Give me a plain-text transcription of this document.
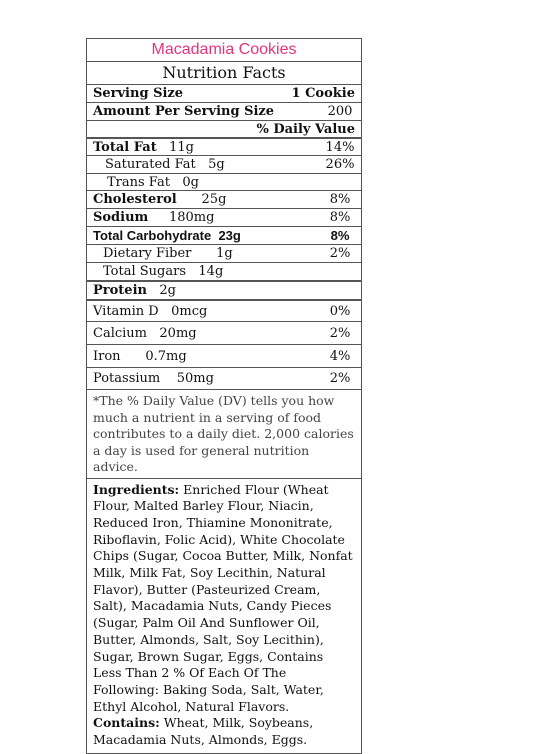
Macadamia Cookies
Nutrition Facts
Serving Size	1 Cookie
Amount Per Serving Size	200
% Daily Value
Total Fat 11g	14%
Saturated Fat 5g	26%
Trans Fat 0g
Cholesterol 25g	8%
Sodium 180mg	8%
Total Carbohydrate 23g	8%
Dietary Fiber 1g	2%
Total Sugars 14g
Protein 2g
Vitamin D 0mcg	0%
Calcium 20mg	2%
Iron 0.7mg	4%
Potassium 50mg	2%
*The % Daily Value (DV) tells you how much a nutrient in a serving of food contributes to a daily diet. 2,000 calories a day is used for general nutrition advice.
Ingredients: Enriched Flour (Wheat Flour, Malted Barley Flour, Niacin, Reduced Iron, Thiamine Mononitrate, Riboflavin, Folic Acid), White Chocolate Chips (Sugar, Cocoa Butter, Milk, Nonfat Milk, Milk Fat, Soy Lecithin, Natural Flavor), Butter (Pasteurized Cream, Salt), Macadamia Nuts, Candy Pieces (Sugar, Palm Oil And Sunflower Oil, Butter, Almonds, Salt, Soy Lecithin), Sugar, Brown Sugar, Eggs, Contains Less Than 2 % Of Each Of The Following: Baking Soda, Salt, Water, Ethyl Alcohol, Natural Flavors.
Contains: Wheat, Milk, Soybeans, Macadamia Nuts, Almonds, Eggs.
